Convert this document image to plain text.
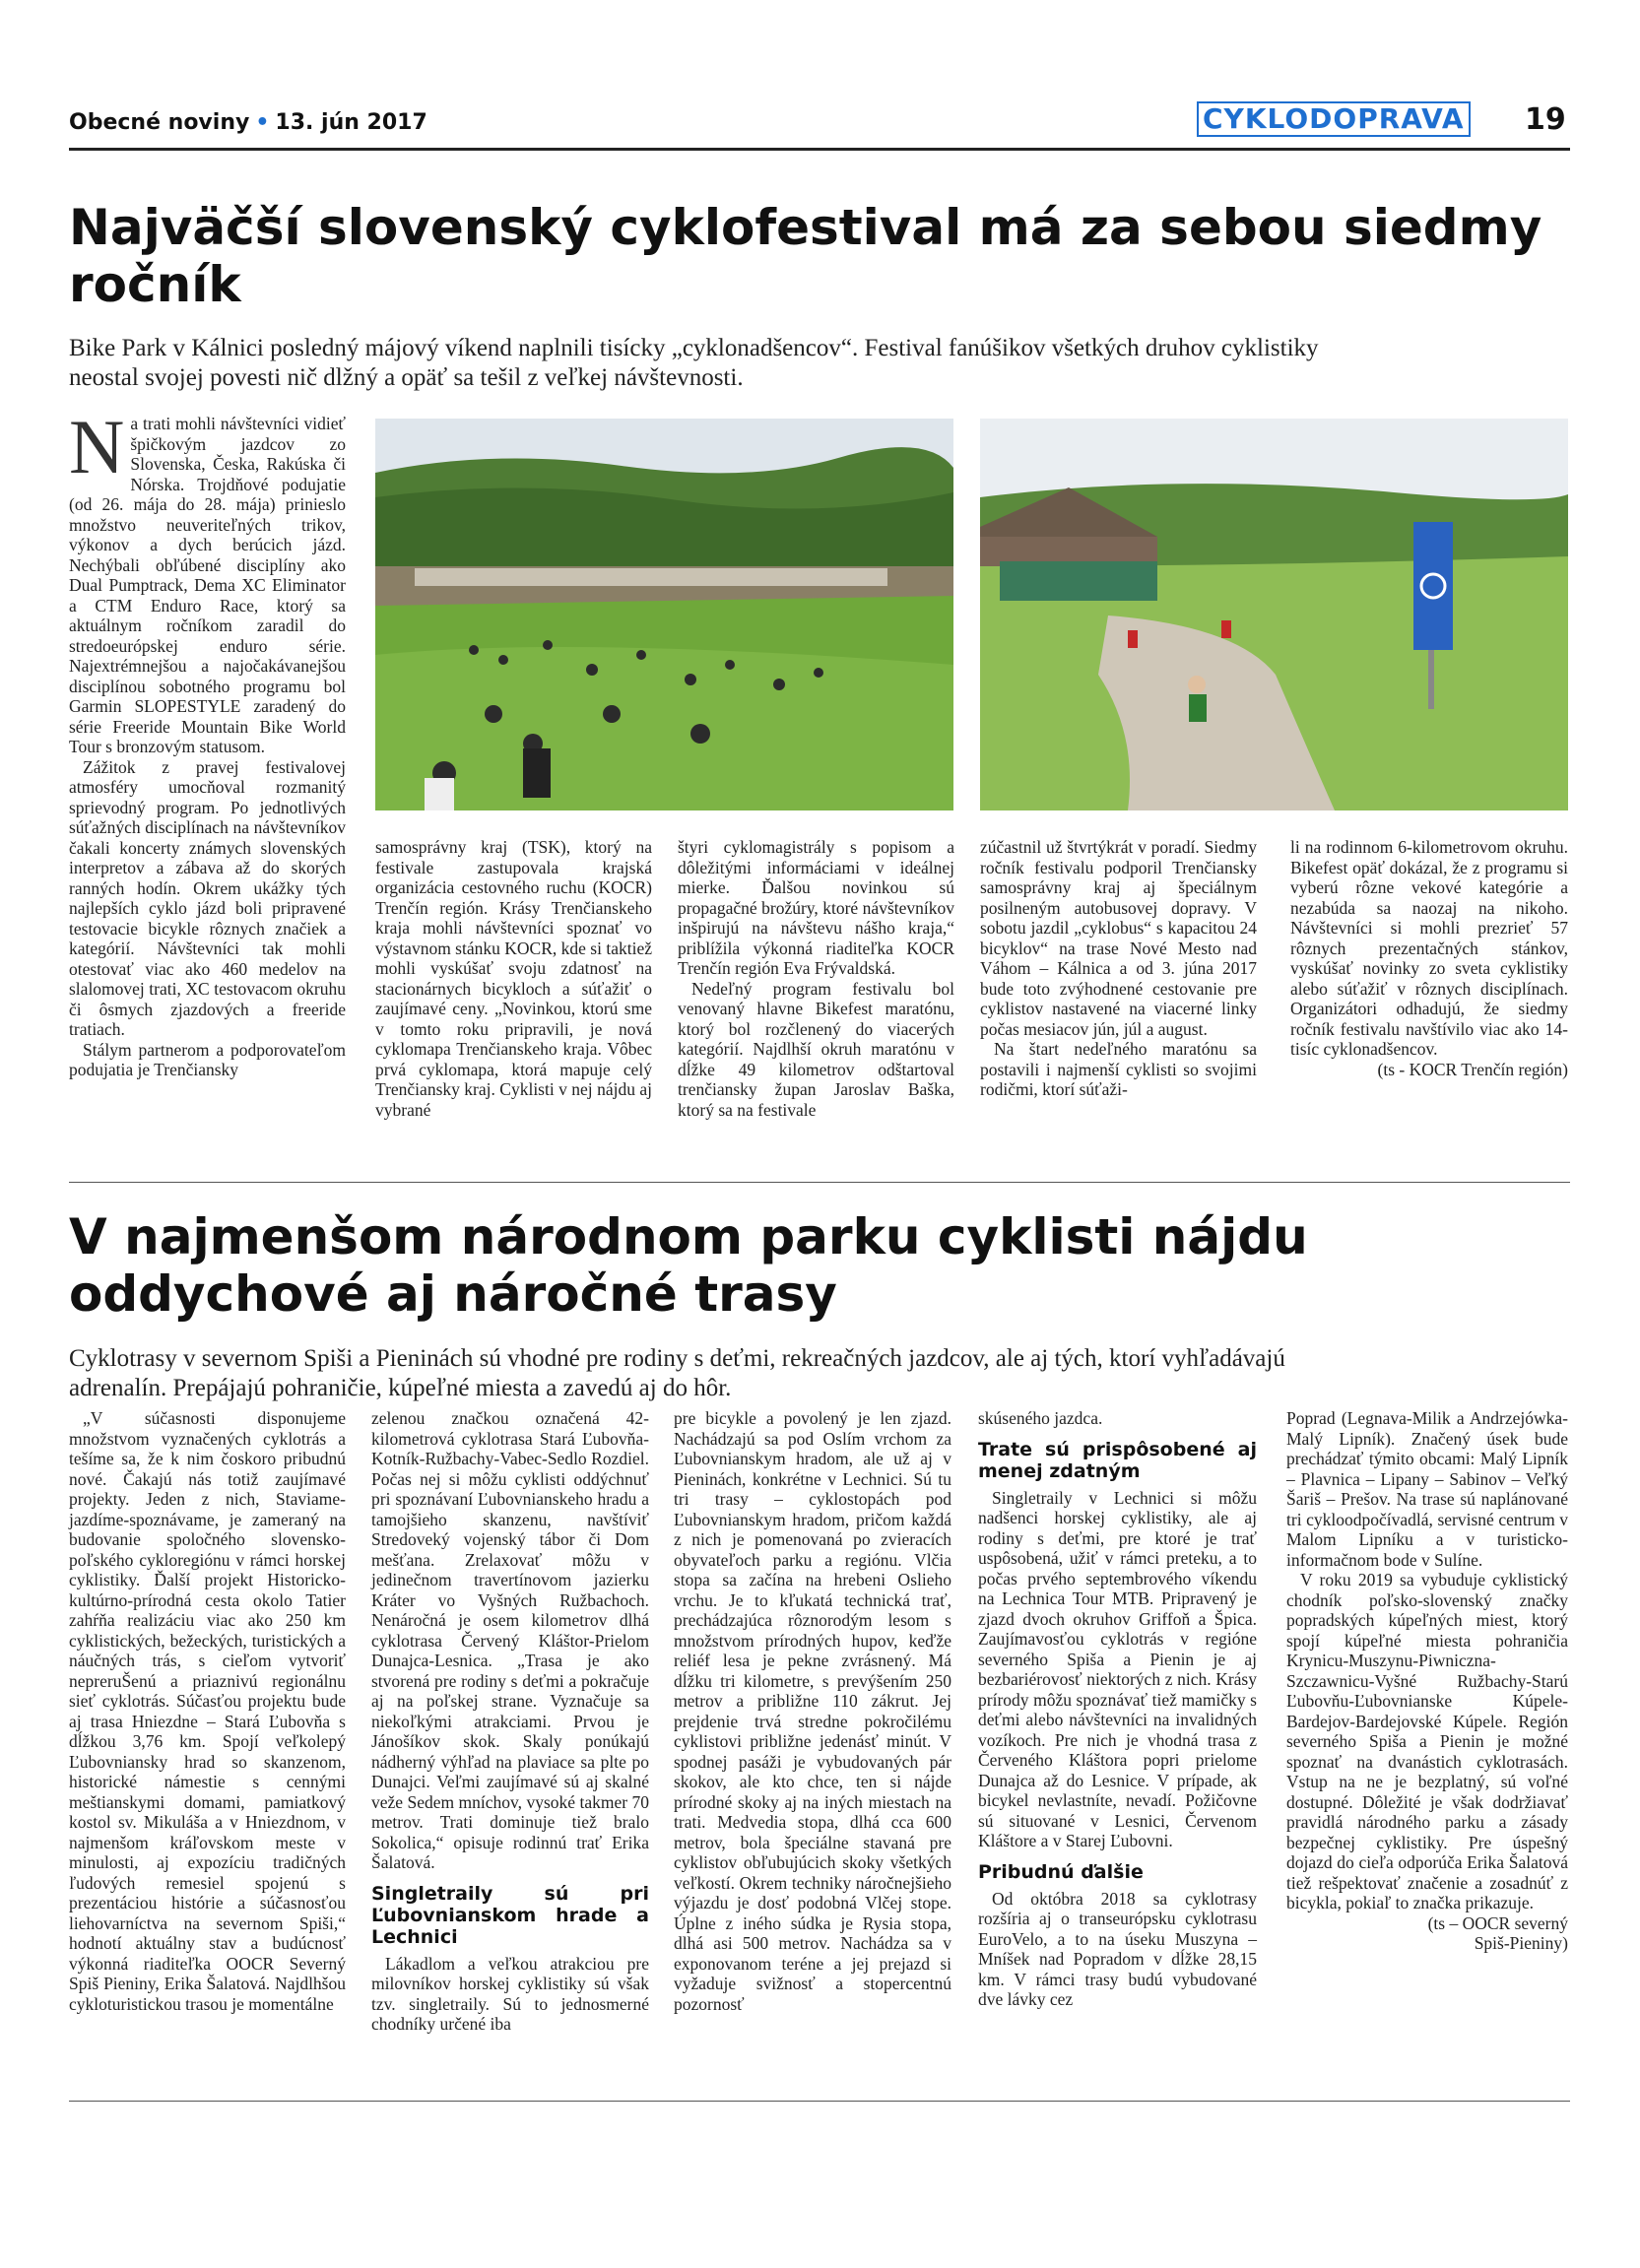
Obecné noviny • 13. jún 2017	CYKLODOPRAVA 19
Najväčší slovenský cyklofestival má za sebou siedmy
ročník
Bike Park v Kálnici posledný májový víkend naplnili tisícky „cyklonadšencov“. Festival fanúšikov všetkých druhov cyklistiky
neostal svojej povesti nič dlžný a opäť sa tešil z veľkej návštevnosti.

Na trati mohli návštevníci vidieť špičkovým jazdcov zo Slovenska, Česka, Rakúska či Nórska. Trojdňové podujatie (od 26. mája do 28. mája) prinieslo množstvo neuveriteľných trikov, výkonov a dych berúcich jázd. Nechýbali obľúbené disciplíny ako Dual Pumptrack, Dema XC Eliminator a CTM Enduro Race, ktorý sa aktuálnym ročníkom zaradil do stredoeurópskej enduro série. Najextrémnejšou a najočakávanejšou disciplínou sobotného programu bol Garmin SLOPESTYLE zaradený do série Freeride Mountain Bike World Tour s bronzovým statusom.

Zážitok z pravej festivalovej atmosféry umocňoval rozmanitý sprievodný program. Po jednotlivých súťažných disciplínach na návštevníkov čakali koncerty známych slovenských interpretov a zábava až do skorých ranných hodín. Okrem ukážky tých najlepších cyklo jázd boli pripravené testovacie bicykle rôznych značiek a kategórií. Návštevníci tak mohli otestovať viac ako 460 medelov na slalomovej trati, XC testovacom okruhu či ôsmych zjazdových a freeride tratiach.

Stálym partnerom a podporovateľom podujatia je Trenčiansky

samosprávny kraj (TSK), ktorý na festivale zastupovala krajská organizácia cestovného ruchu (KOCR) Trenčín región. Krásy Trenčianskeho kraja mohli návštevníci spoznať vo výstavnom stánku KOCR, kde si taktiež mohli vyskúšať svoju zdatnosť na stacionárnych bicykloch a súťažiť o zaujímavé ceny. „Novinkou, ktorú sme v tomto roku pripravili, je nová cyklomapa Trenčianskeho kraja. Vôbec prvá cyklomapa, ktorá mapuje celý Trenčiansky kraj. Cyklisti v nej nájdu aj vybrané

štyri cyklomagistrály s popisom a dôležitými informáciami v ideálnej mierke. Ďalšou novinkou sú propagačné brožúry, ktoré návštevníkov inšpirujú na návštevu nášho kraja,“ priblížila výkonná riaditeľka KOCR Trenčín región Eva Frývaldská.

Nedeľný program festivalu bol venovaný hlavne Bikefest maratónu, ktorý bol rozčlenený do viacerých kategórií. Najdlhší okruh maratónu v dĺžke 49 kilometrov odštartoval trenčiansky župan Jaroslav Baška, ktorý sa na festivale

zúčastnil už štvrtýkrát v poradí. Siedmy ročník festivalu podporil Trenčiansky samosprávny kraj aj špeciálnym posilneným autobusovej dopravy. V sobotu jazdil „cyklobus“ s kapacitou 24 bicyklov“ na trase Nové Mesto nad Váhom – Kálnica a od 3. júna 2017 bude toto zvýhodnené cestovanie pre cyklistov nastavené na viacerné linky počas mesiacov jún, júl a august.

Na štart nedeľného maratónu sa postavili i najmenší cyklisti so svojimi rodičmi, ktorí súťaži-

li na rodinnom 6-kilometrovom okruhu. Bikefest opäť dokázal, že z programu si vyberú rôzne vekové kategórie a nezabúda sa naozaj na nikoho. Návštevníci si mohli prezrieť 57 rôznych prezentačných stánkov, vyskúšať novinky zo sveta cyklistiky alebo súťažiť v rôznych disciplínach. Organizátori odhadujú, že siedmy ročník festivalu navštívilo viac ako 14-tisíc cyklonadšencov.

(ts - KOCR Trenčín región)

V najmenšom národnom parku cyklisti nájdu
oddychové aj náročné trasy
Cyklotrasy v severnom Spiši a Pieninách sú vhodné pre rodiny s deťmi, rekreačných jazdcov, ale aj tých, ktorí vyhľadávajú
adrenalín. Prepájajú pohraničie, kúpeľné miesta a zavedú aj do hôr.

„V súčasnosti disponujeme množstvom vyznačených cyklotrás a tešíme sa, že k nim čoskoro pribudnú nové. Čakajú nás totiž zaujímavé projekty. Jeden z nich, Staviame-jazdíme-spoznávame, je zameraný na budovanie spoločného slovensko-poľského cykloregiónu v rámci horskej cyklistiky. Ďalší projekt Historicko-kultúrno-prírodná cesta okolo Tatier zahŕňa realizáciu viac ako 250 km cyklistických, bežeckých, turistických a náučných trás, s cieľom vytvoriť nepreruŠenú a priaznivú regionálnu sieť cyklotrás. Súčasťou projektu bude aj trasa Hniezdne – Stará Ľubovňa s dĺžkou 3,76 km. Spojí veľkolepý Ľubovniansky hrad so skanzenom, historické námestie s cennými meštianskymi domami, pamiatkový kostol sv. Mikuláša a v Hniezdnom, v najmenšom kráľovskom meste v minulosti, aj expozíciu tradičných ľudových remesiel spojenú s prezentáciou histórie a súčasnosťou liehovarníctva na severnom Spiši,“ hodnotí aktuálny stav a budúcnosť výkonná riaditeľka OOCR Severný Spiš Pieniny, Erika Šalatová. Najdlhšou cykloturistickou trasou je momentálne

zelenou značkou označená 42-kilometrová cyklotrasa Stará Ľubovňa-Kotník-Ružbachy-Vabec-Sedlo Rozdiel. Počas nej si môžu cyklisti oddýchnuť pri spoznávaní Ľubovnianskeho hradu a tamojšieho skanzenu, navštíviť Stredoveký vojenský tábor či Dom mešťana. Zrelaxovať môžu v jedinečnom travertínovom jazierku Kráter vo Vyšných Ružbachoch. Nenáročná je osem kilometrov dlhá cyklotrasa Červený Kláštor-Prielom Dunajca-Lesnica. „Trasa je ako stvorená pre rodiny s deťmi a pokračuje aj na poľskej strane. Vyznačuje sa niekoľkými atrakciami. Prvou je Jánošíkov skok. Skaly ponúkajú nádherný výhľad na plaviace sa plte po Dunajci. Veľmi zaujímavé sú aj skalné veže Sedem mníchov, vysoké takmer 70 metrov. Trati dominuje tiež bralo Sokolica,“ opisuje rodinnú trať Erika Šalatová.

Singletraily sú pri Ľubovnianskom hrade a Lechnici

Lákadlom a veľkou atrakciou pre milovníkov horskej cyklistiky sú však tzv. singletraily. Sú to jednosmerné chodníky určené iba

pre bicykle a povolený je len zjazd. Nachádzajú sa pod Oslím vrchom za Ľubovnianskym hradom, ale už aj v Pieninách, konkrétne v Lechnici. Sú tu tri trasy – cyklostopách pod Ľubovnianskym hradom, pričom každá z nich je pomenovaná po zvieracích obyvateľoch parku a regiónu. Vlčia stopa sa začína na hrebeni Oslieho vrchu. Je to kľukatá technická trať, prechádzajúca rôznorodým lesom s množstvom prírodných hupov, keďže reliéf lesa je pekne zvrásnený. Má dĺžku tri kilometre, s prevýšením 250 metrov a približne 110 zákrut. Jej prejdenie trvá stredne pokročilému cyklistovi približne jedenásť minút. V spodnej pasáži je vybudovaných pár skokov, ale kto chce, ten si nájde prírodné skoky aj na iných miestach na trati. Medvedia stopa, dlhá cca 600 metrov, bola špeciálne stavaná pre cyklistov obľubujúcich skoky všetkých veľkostí. Okrem techniky náročnejšieho výjazdu je dosť podobná Vlčej stope. Úplne z iného súdka je Rysia stopa, dlhá asi 500 metrov. Nachádza sa v exponovanom teréne a jej prejazd si vyžaduje svižnosť a stopercentnú pozornosť

skúseného jazdca.

Trate sú prispôsobené aj menej zdatným

Singletraily v Lechnici si môžu nadšenci horskej cyklistiky, ale aj rodiny s deťmi, pre ktoré je trať uspôsobená, užiť v rámci preteku, a to počas prvého septembrového víkendu na Lechnica Tour MTB. Pripravený je zjazd dvoch okruhov Griffoň a Špica. Zaujímavosťou cyklotrás v regióne severného Spiša a Pienin je aj bezbariérovosť niektorých z nich. Krásy prírody môžu spoznávať tiež mamičky s deťmi alebo návštevníci na invalidných vozíkoch. Pre nich je vhodná trasa z Červeného Kláštora popri prielome Dunajca až do Lesnice. V prípade, ak bicykel nevlastníte, nevadí. Požičovne sú situované v Lesnici, Červenom Kláštore a v Starej Ľubovni.

Pribudnú ďalšie

Od októbra 2018 sa cyklotrasy rozšíria aj o transeurópsku cyklotrasu EuroVelo, a to na úseku Muszyna – Mníšek nad Popradom v dĺžke 28,15 km. V rámci trasy budú vybudované dve lávky cez

Poprad (Legnava-Milik a Andrzejówka-Malý Lipník). Značený úsek bude prechádzať týmito obcami: Malý Lipník – Plavnica – Lipany – Sabinov – Veľký Šariš – Prešov. Na trase sú naplánované tri cykloodpočívadlá, servisné centrum v Malom Lipníku a v turisticko-informačnom bode v Sulíne.

V roku 2019 sa vybuduje cyklistický chodník poľsko-slovenský značky popradských kúpeľných miest, ktorý spojí kúpeľné miesta pohraničia Krynicu-Muszynu-Piwniczna-Szczawnicu-Vyšné Ružbachy-Starú Ľubovňu-Ľubovnianske Kúpele-Bardejov-Bardejovské Kúpele. Región severného Spiša a Pienin je možné spoznať na dvanástich cyklotrasách. Vstup na ne je bezplatný, sú voľné dostupné. Dôležité je však dodržiavať pravidlá národného parku a zásady bezpečnej cyklistiky. Pre úspešný dojazd do cieľa odporúča Erika Šalatová tiež rešpektovať značenie a zosadnúť z bicykla, pokiaľ to značka prikazuje.

(ts – OOCR severný
Spiš-Pieniny)
